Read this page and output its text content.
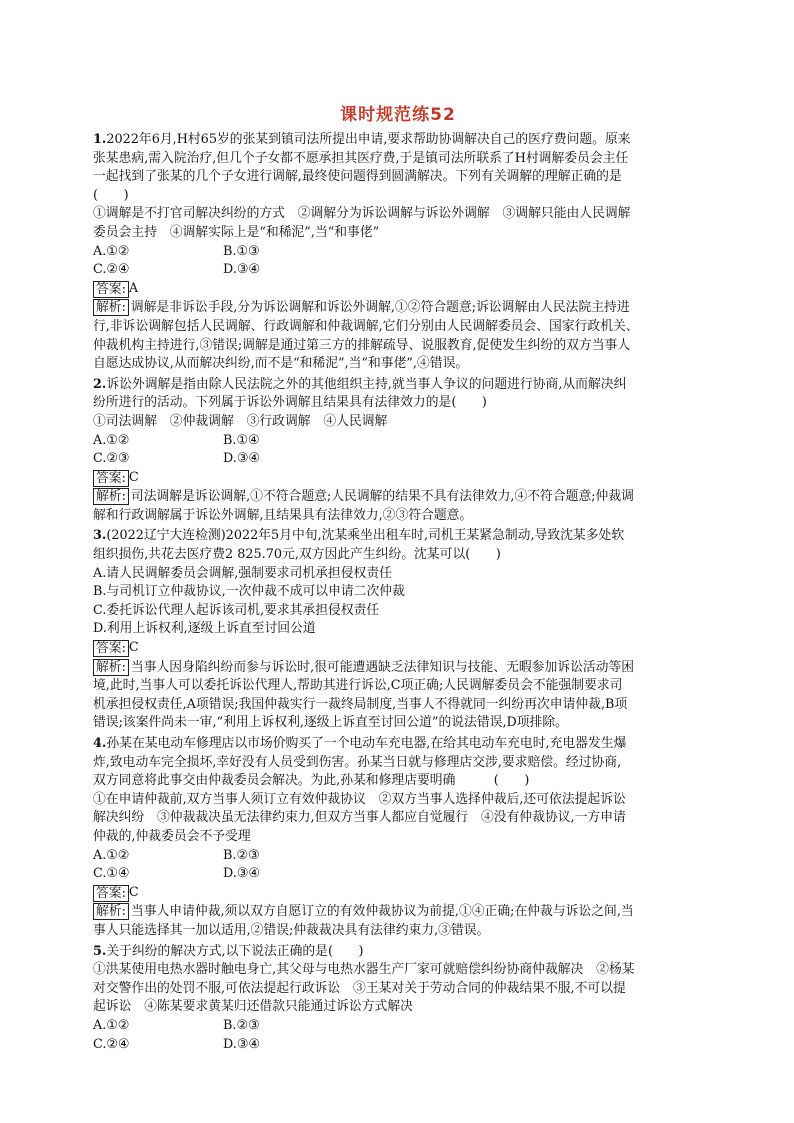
课时规范练52
1.2022年6月,H村65岁的张某到镇司法所提出申请,要求帮助协调解决自己的医疗费问题。原来
张某患病,需入院治疗,但几个子女都不愿承担其医疗费,于是镇司法所联系了H村调解委员会主任
一起找到了张某的几个子女进行调解,最终使问题得到圆满解决。下列有关调解的理解正确的是
(　　)
①调解是不打官司解决纠纷的方式　②调解分为诉讼调解与诉讼外调解　③调解只能由人民调解
委员会主持　④调解实际上是“和稀泥”,当“和事佬”
A.①②	B.①③
C.②④	D.③④
答案: A
解析: 调解是非诉讼手段,分为诉讼调解和诉讼外调解,①②符合题意;诉讼调解由人民法院主持进
行,非诉讼调解包括人民调解、行政调解和仲裁调解,它们分别由人民调解委员会、国家行政机关、
仲裁机构主持进行,③错误;调解是通过第三方的排解疏导、说服教育,促使发生纠纷的双方当事人
自愿达成协议,从而解决纠纷,而不是“和稀泥”,当“和事佬”,④错误。
2.诉讼外调解是指由除人民法院之外的其他组织主持,就当事人争议的问题进行协商,从而解决纠
纷所进行的活动。下列属于诉讼外调解且结果具有法律效力的是(　　)
①司法调解　②仲裁调解　③行政调解　④人民调解
A.①②	B.①④
C.②③	D.③④
答案: C
解析: 司法调解是诉讼调解,①不符合题意;人民调解的结果不具有法律效力,④不符合题意;仲裁调
解和行政调解属于诉讼外调解,且结果具有法律效力,②③符合题意。
3.(2022辽宁大连检测)2022年5月中旬,沈某乘坐出租车时,司机王某紧急制动,导致沈某多处软
组织损伤,共花去医疗费2 825.70元,双方因此产生纠纷。沈某可以(　　)
A.请人民调解委员会调解,强制要求司机承担侵权责任
B.与司机订立仲裁协议,一次仲裁不成可以申请二次仲裁
C.委托诉讼代理人起诉该司机,要求其承担侵权责任
D.利用上诉权利,逐级上诉直至讨回公道
答案: C
解析: 当事人因身陷纠纷而参与诉讼时,很可能遭遇缺乏法律知识与技能、无暇参加诉讼活动等困
境,此时,当事人可以委托诉讼代理人,帮助其进行诉讼,C项正确;人民调解委员会不能强制要求司
机承担侵权责任,A项错误;我国仲裁实行一裁终局制度,当事人不得就同一纠纷再次申请仲裁,B项
错误;该案件尚未一审,“利用上诉权利,逐级上诉直至讨回公道”的说法错误,D项排除。
4.孙某在某电动车修理店以市场价购买了一个电动车充电器,在给其电动车充电时,充电器发生爆
炸,致电动车完全损坏,幸好没有人员受到伤害。孙某当日就与修理店交涉,要求赔偿。经过协商,
双方同意将此事交由仲裁委员会解决。为此,孙某和修理店要明确　　　(　　)
①在申请仲裁前,双方当事人须订立有效仲裁协议　②双方当事人选择仲裁后,还可依法提起诉讼
解决纠纷　③仲裁裁决虽无法律约束力,但双方当事人都应自觉履行　④没有仲裁协议,一方申请
仲裁的,仲裁委员会不予受理
A.①②	B.②③
C.①④	D.③④
答案: C
解析: 当事人申请仲裁,须以双方自愿订立的有效仲裁协议为前提,①④正确;在仲裁与诉讼之间,当
事人只能选择其一加以适用,②错误;仲裁裁决具有法律约束力,③错误。
5.关于纠纷的解决方式,以下说法正确的是(　　)
①洪某使用电热水器时触电身亡,其父母与电热水器生产厂家可就赔偿纠纷协商仲裁解决　②杨某
对交警作出的处罚不服,可依法提起行政诉讼　③王某对关于劳动合同的仲裁结果不服,不可以提
起诉讼　④陈某要求黄某归还借款只能通过诉讼方式解决
A.①②	B.②③
C.②④	D.③④
